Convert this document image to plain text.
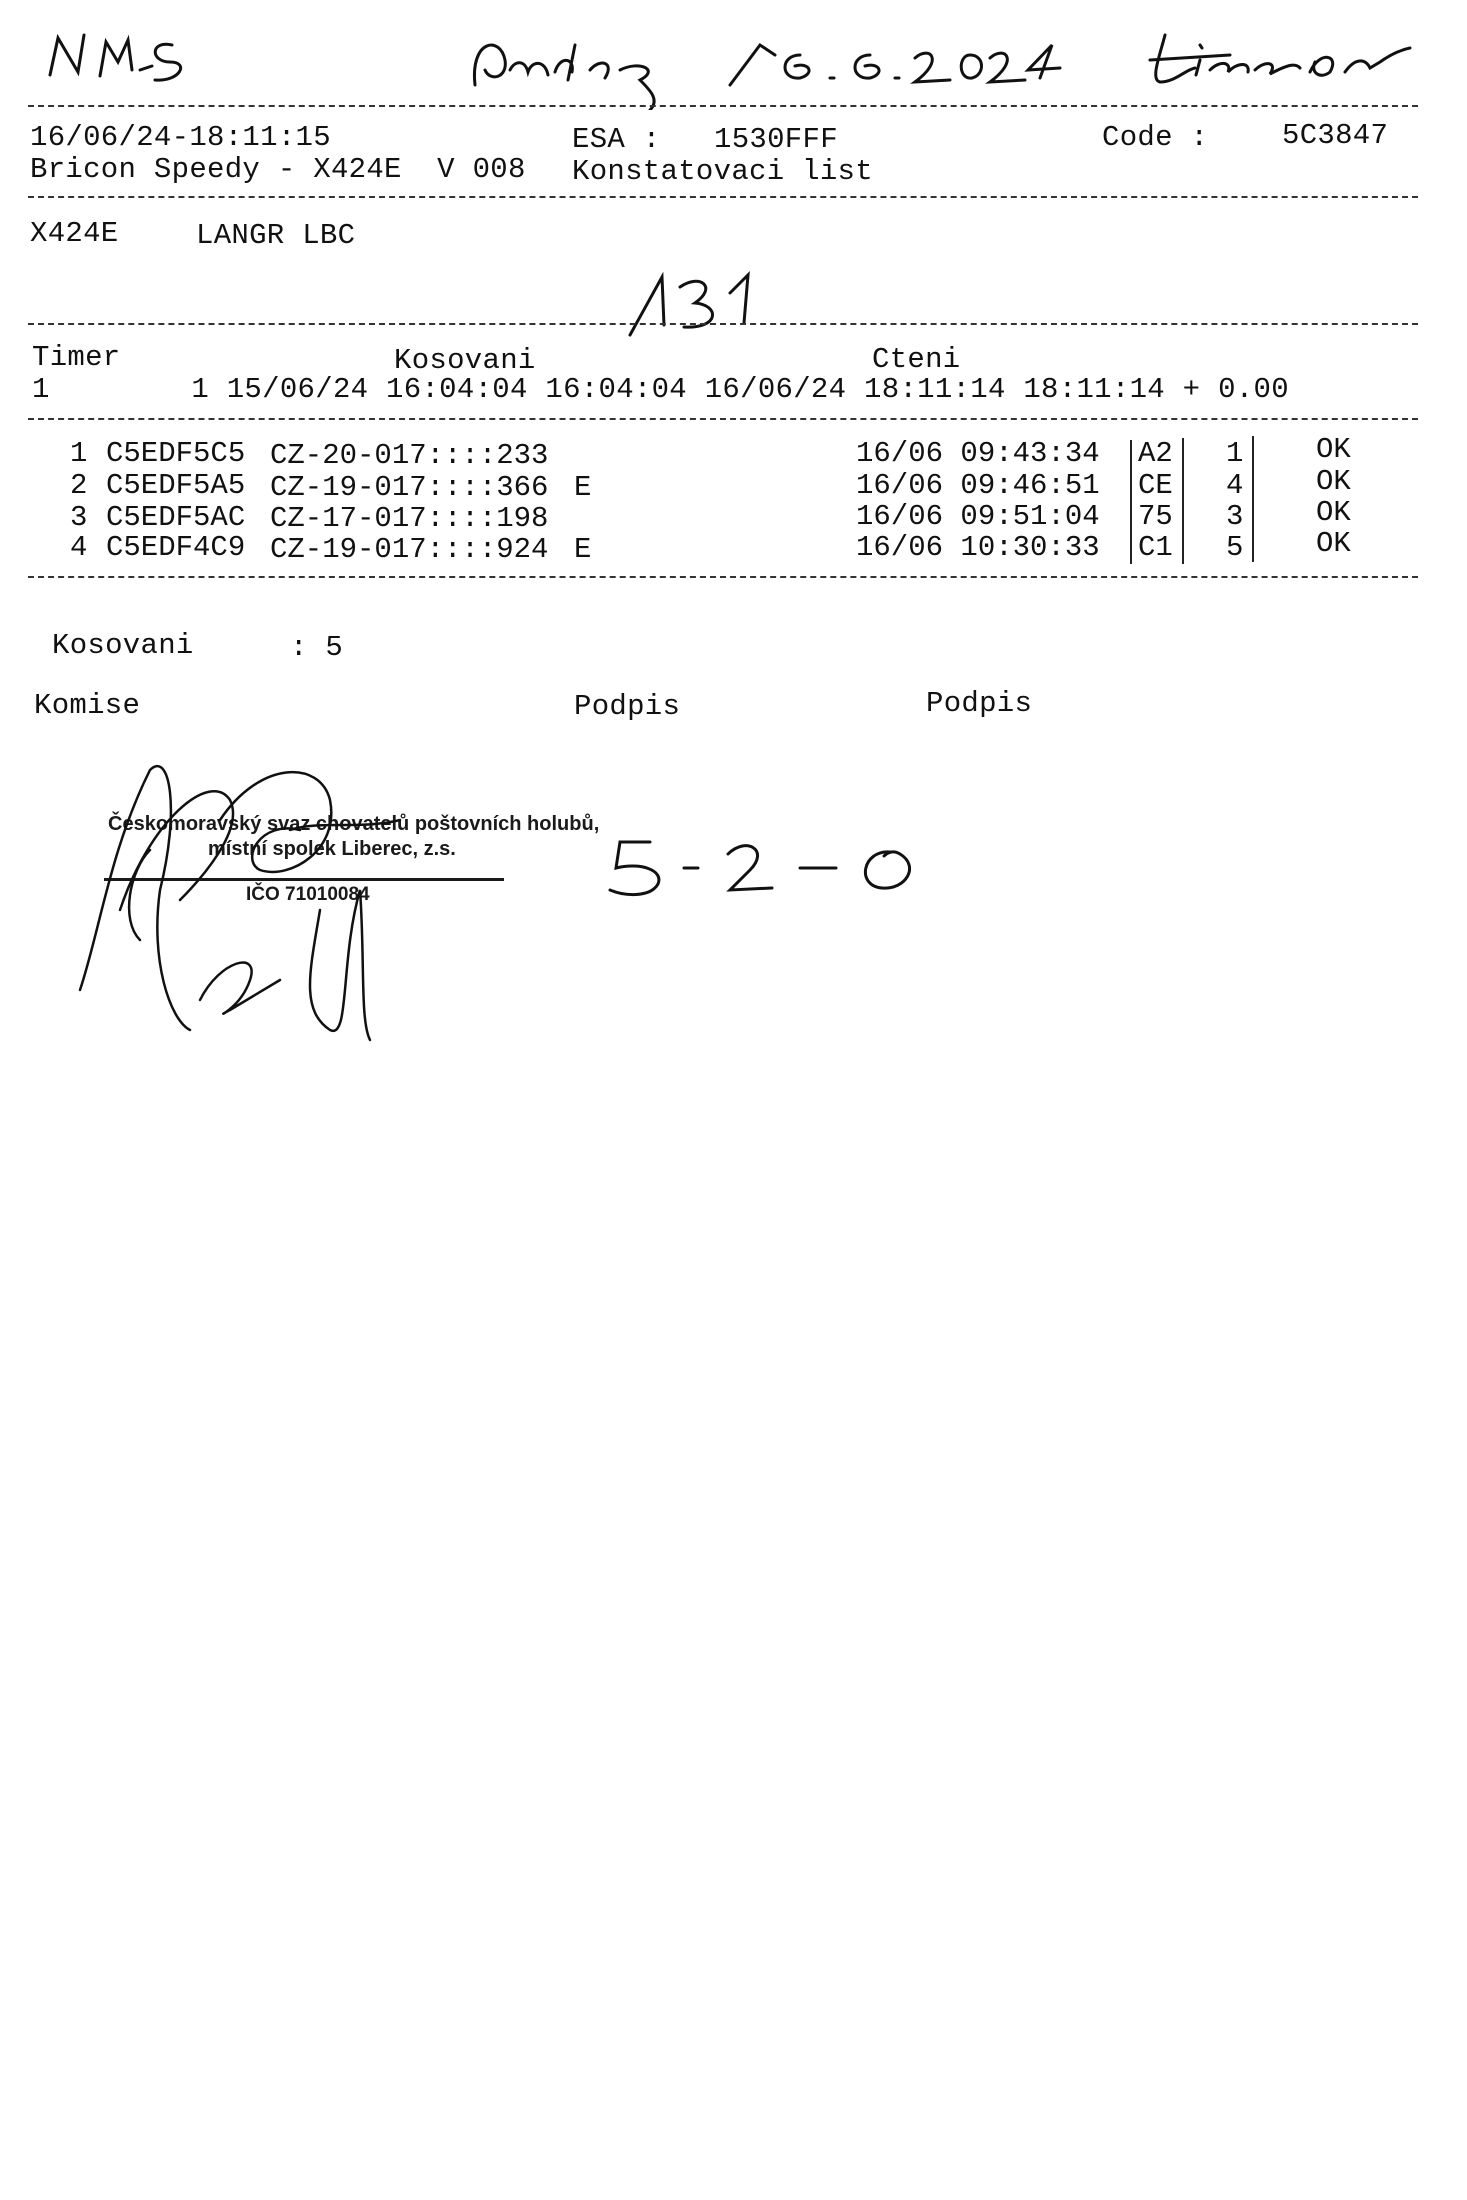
16/06/24-18:11:15	ESA : 1530FFF	Code :	5C3847
Bricon Speedy - X424E  V 008 Konstatovaci list
X424E	LANGR LBC
Timer	Kosovani	Cteni
1        1 15/06/24 16:04:04 16:04:04 16/06/24 18:11:14 18:11:14 + 0.00
1 C5EDF5C5 CZ-20-017::::233	16/06 09:43:34 A2 1	OK
2 C5EDF5A5 CZ-19-017::::366 E	16/06 09:46:51 CE 4	OK
3 C5EDF5AC CZ-17-017::::198	16/06 09:51:04 75 3	OK
4 C5EDF4C9 CZ-19-017::::924 E	16/06 10:30:33 C1 5	OK
Kosovani	: 5
Komise	Podpis	Podpis
Českomoravský svaz chovatelů poštovních holubů,
místní spolek Liberec, z.s.
IČO 71010084
